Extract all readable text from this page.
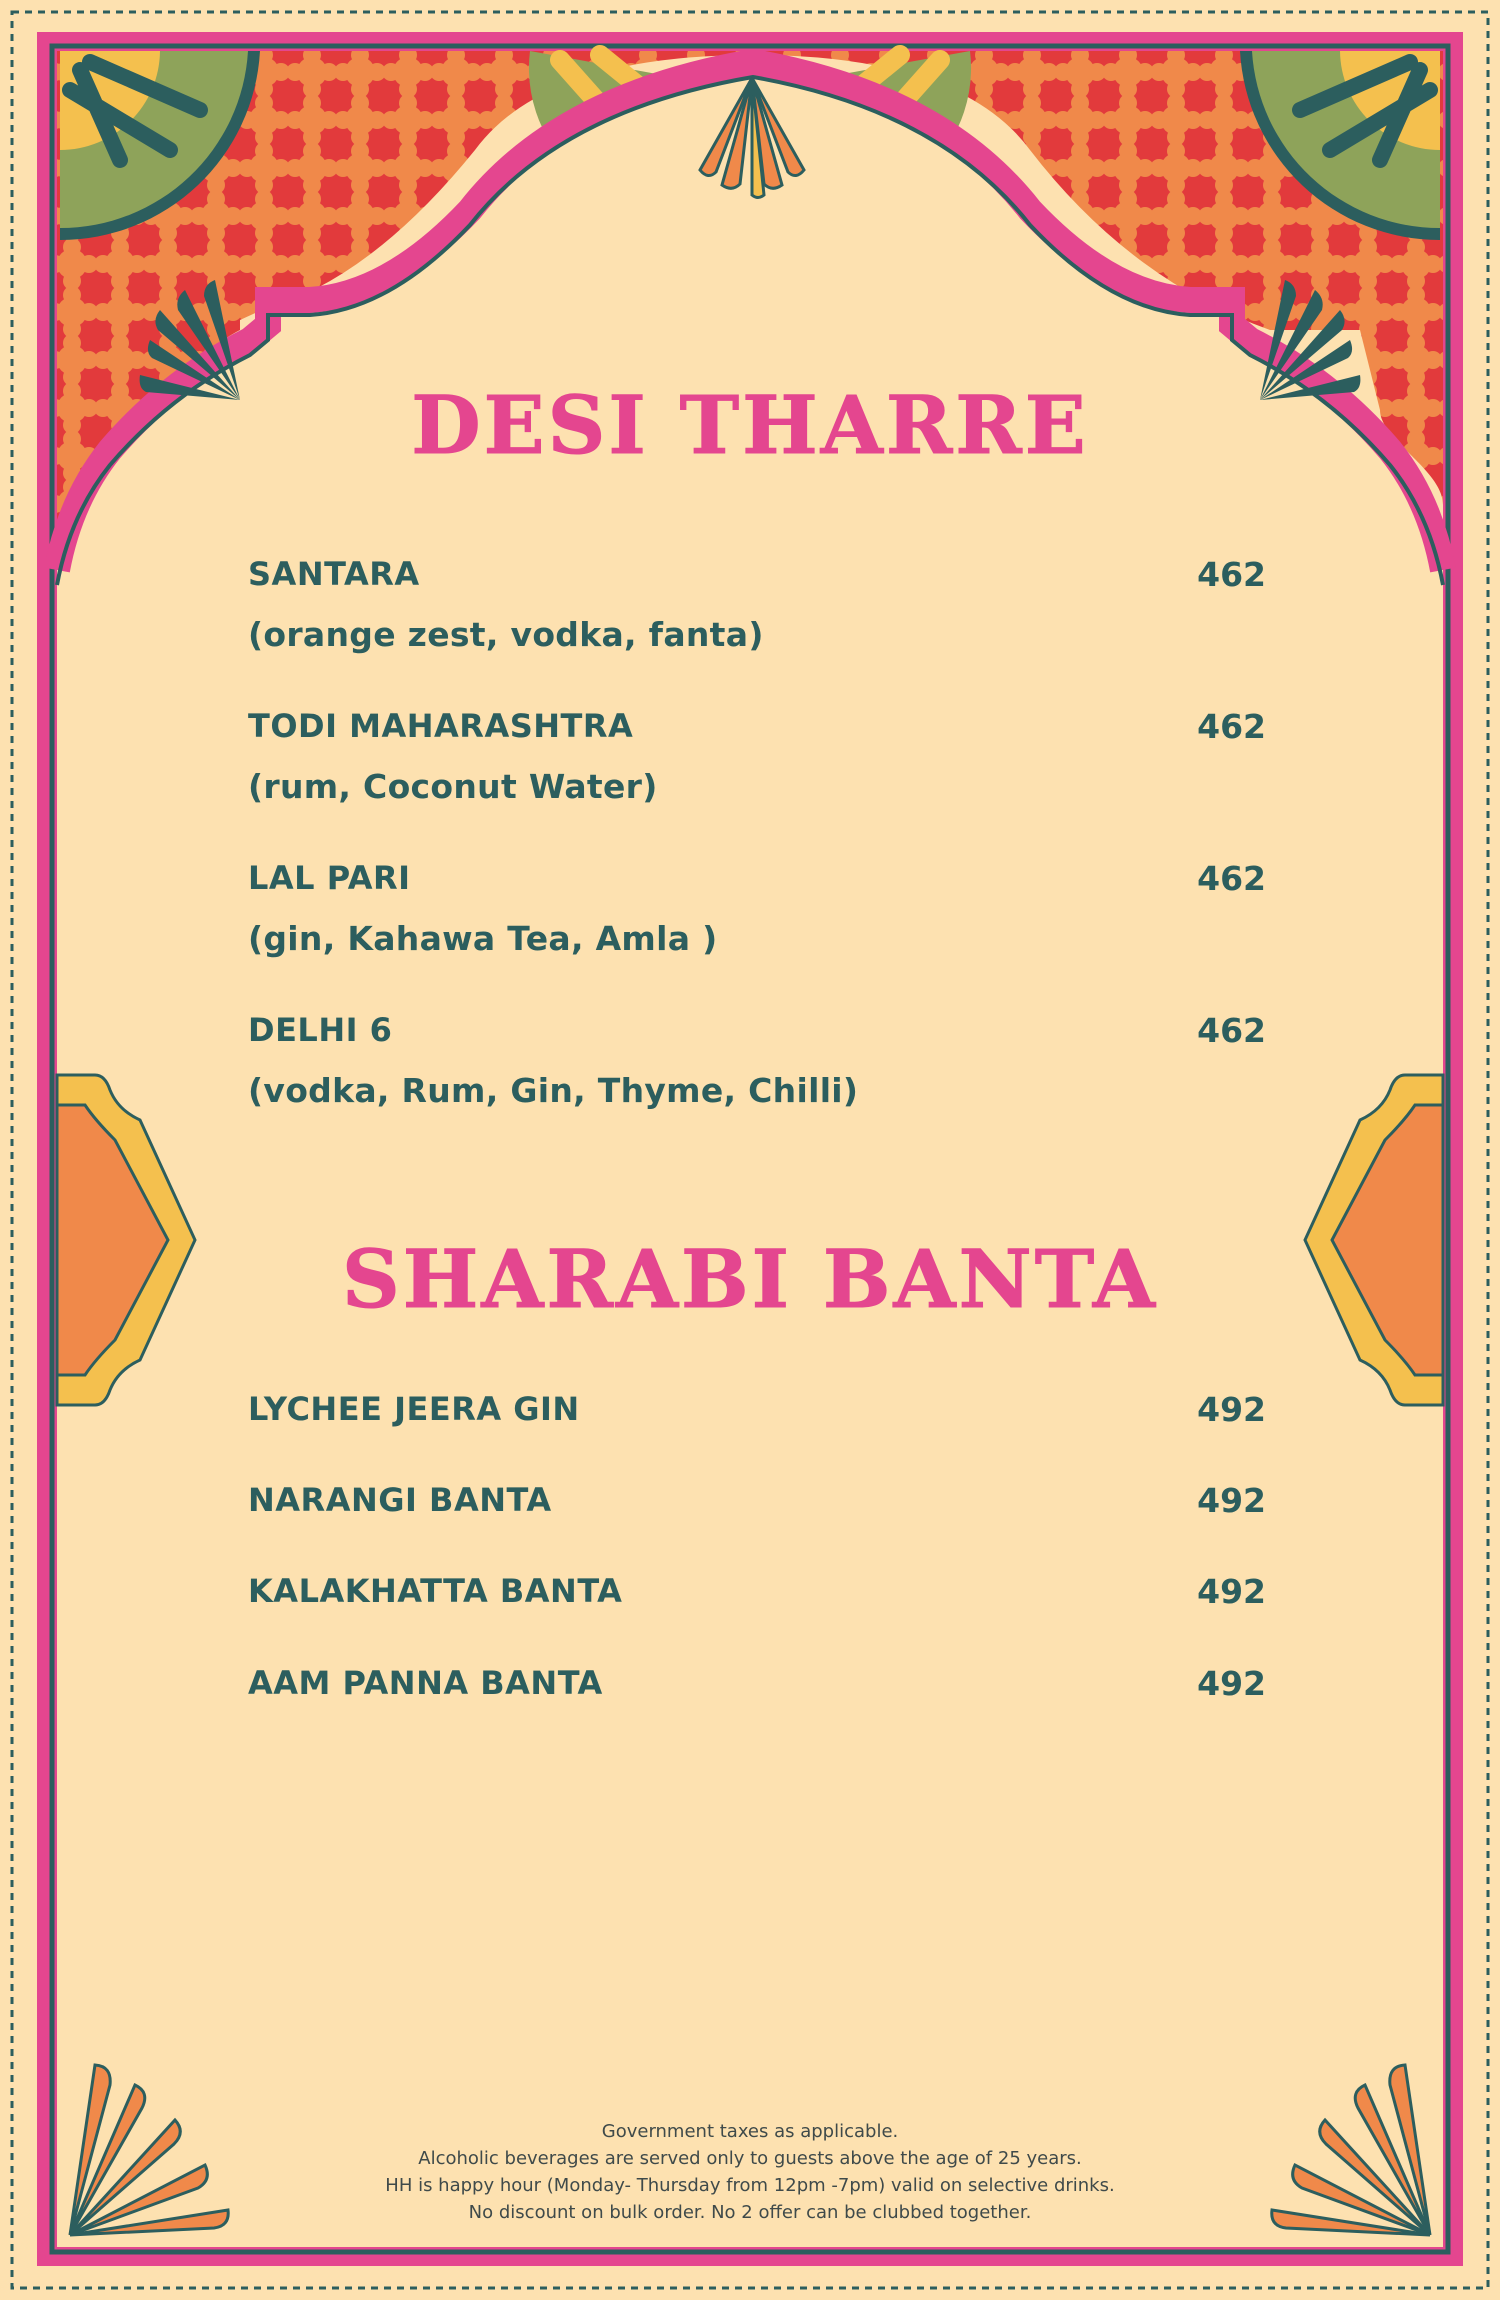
DESI THARRE
SANTARA
(orange zest, vodka, fanta)
462
TODI MAHARASHTRA
(rum, Coconut Water)
462
LAL PARI
(gin, Kahawa Tea, Amla )
462
DELHI 6
(vodka, Rum, Gin, Thyme, Chilli)
462
SHARABI BANTA
LYCHEE JEERA GIN	492
NARANGI BANTA	492
KALAKHATTA BANTA	492
AAM PANNA BANTA	492
Government taxes as applicable.
Alcoholic beverages are served only to guests above the age of 25 years.
HH is happy hour (Monday- Thursday from 12pm -7pm) valid on selective drinks.
No discount on bulk order. No 2 offer can be clubbed together.
